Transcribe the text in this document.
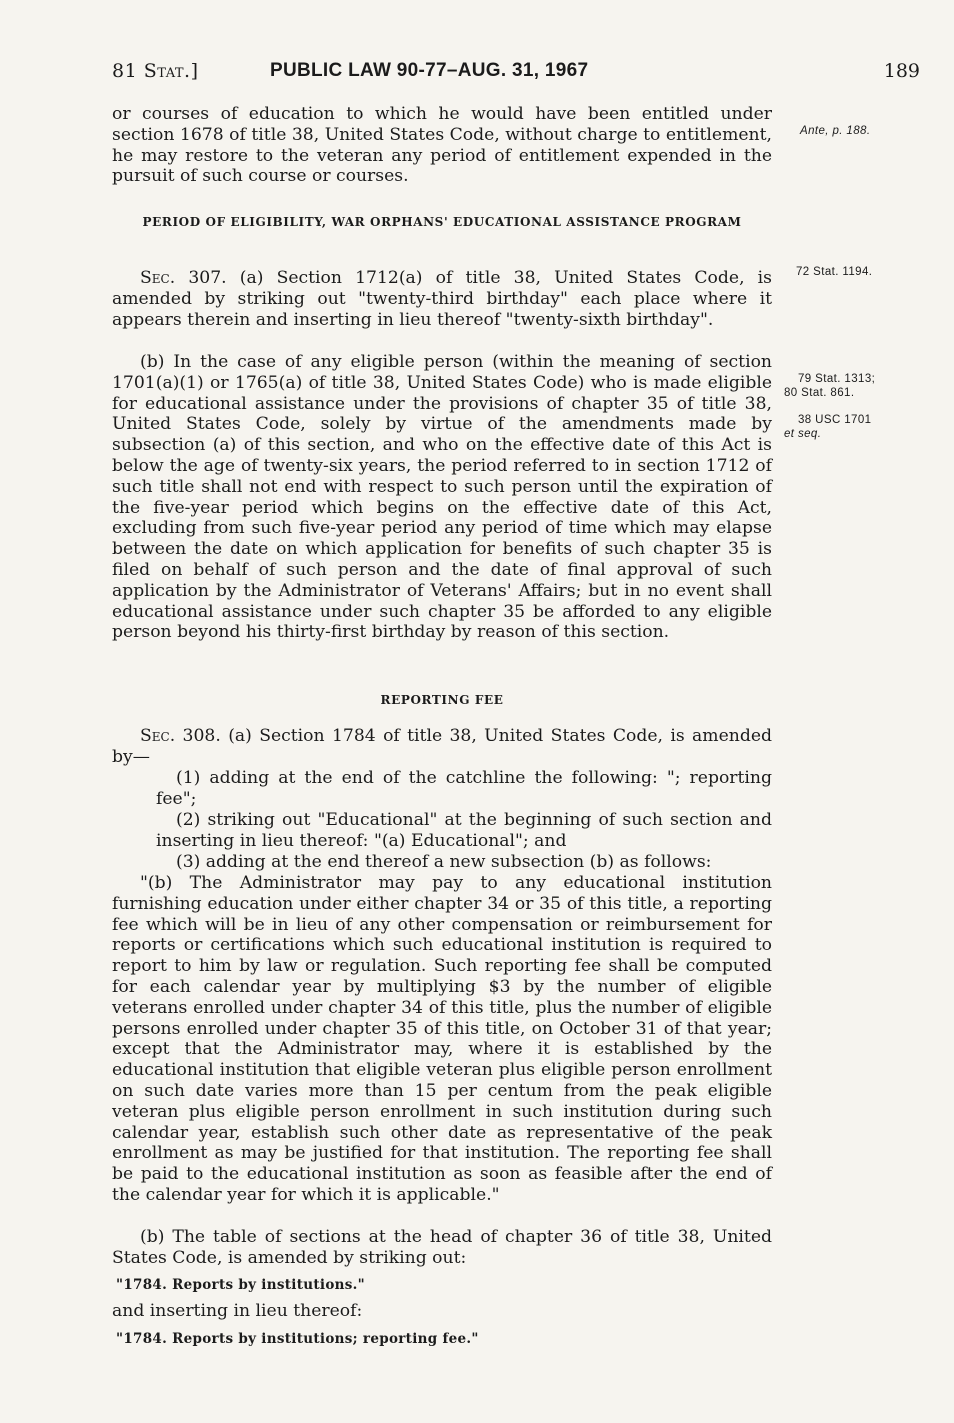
81 Stat.]	PUBLIC LAW 90-77–AUG. 31, 1967	189

or courses of education to which he would have been entitled under section 1678 of title 38, United States Code, without charge to entitlement, he may restore to the veteran any period of entitlement expended in the pursuit of such course or courses.

PERIOD OF ELIGIBILITY, WAR ORPHANS' EDUCATIONAL ASSISTANCE PROGRAM

Sec. 307. (a) Section 1712(a) of title 38, United States Code, is amended by striking out "twenty-third birthday" each place where it appears therein and inserting in lieu thereof "twenty-sixth birthday".

(b) In the case of any eligible person (within the meaning of section 1701(a)(1) or 1765(a) of title 38, United States Code) who is made eligible for educational assistance under the provisions of chapter 35 of title 38, United States Code, solely by virtue of the amendments made by subsection (a) of this section, and who on the effective date of this Act is below the age of twenty-six years, the period referred to in section 1712 of such title shall not end with respect to such person until the expiration of the five-year period which begins on the effective date of this Act, excluding from such five-year period any period of time which may elapse between the date on which application for benefits of such chapter 35 is filed on behalf of such person and the date of final approval of such application by the Administrator of Veterans' Affairs; but in no event shall educational assistance under such chapter 35 be afforded to any eligible person beyond his thirty-first birthday by reason of this section.

REPORTING FEE

Sec. 308. (a) Section 1784 of title 38, United States Code, is amended by—

(1) adding at the end of the catchline the following: "; reporting fee";

(2) striking out "Educational" at the beginning of such section and inserting in lieu thereof: "(a) Educational"; and

(3) adding at the end thereof a new subsection (b) as follows:

"(b) The Administrator may pay to any educational institution furnishing education under either chapter 34 or 35 of this title, a reporting fee which will be in lieu of any other compensation or reimbursement for reports or certifications which such educational institution is required to report to him by law or regulation. Such reporting fee shall be computed for each calendar year by multiplying $3 by the number of eligible veterans enrolled under chapter 34 of this title, plus the number of eligible persons enrolled under chapter 35 of this title, on October 31 of that year; except that the Administrator may, where it is established by the educational institution that eligible veteran plus eligible person enrollment on such date varies more than 15 per centum from the peak eligible veteran plus eligible person enrollment in such institution during such calendar year, establish such other date as representative of the peak enrollment as may be justified for that institution. The reporting fee shall be paid to the educational institution as soon as feasible after the end of the calendar year for which it is applicable."

(b) The table of sections at the head of chapter 36 of title 38, United States Code, is amended by striking out:

"1784. Reports by institutions."

and inserting in lieu thereof:

"1784. Reports by institutions; reporting fee."
Ante, p. 188.
72 Stat. 1194.
79 Stat. 1313;
80 Stat. 861.
38 USC 1701
et seq.
